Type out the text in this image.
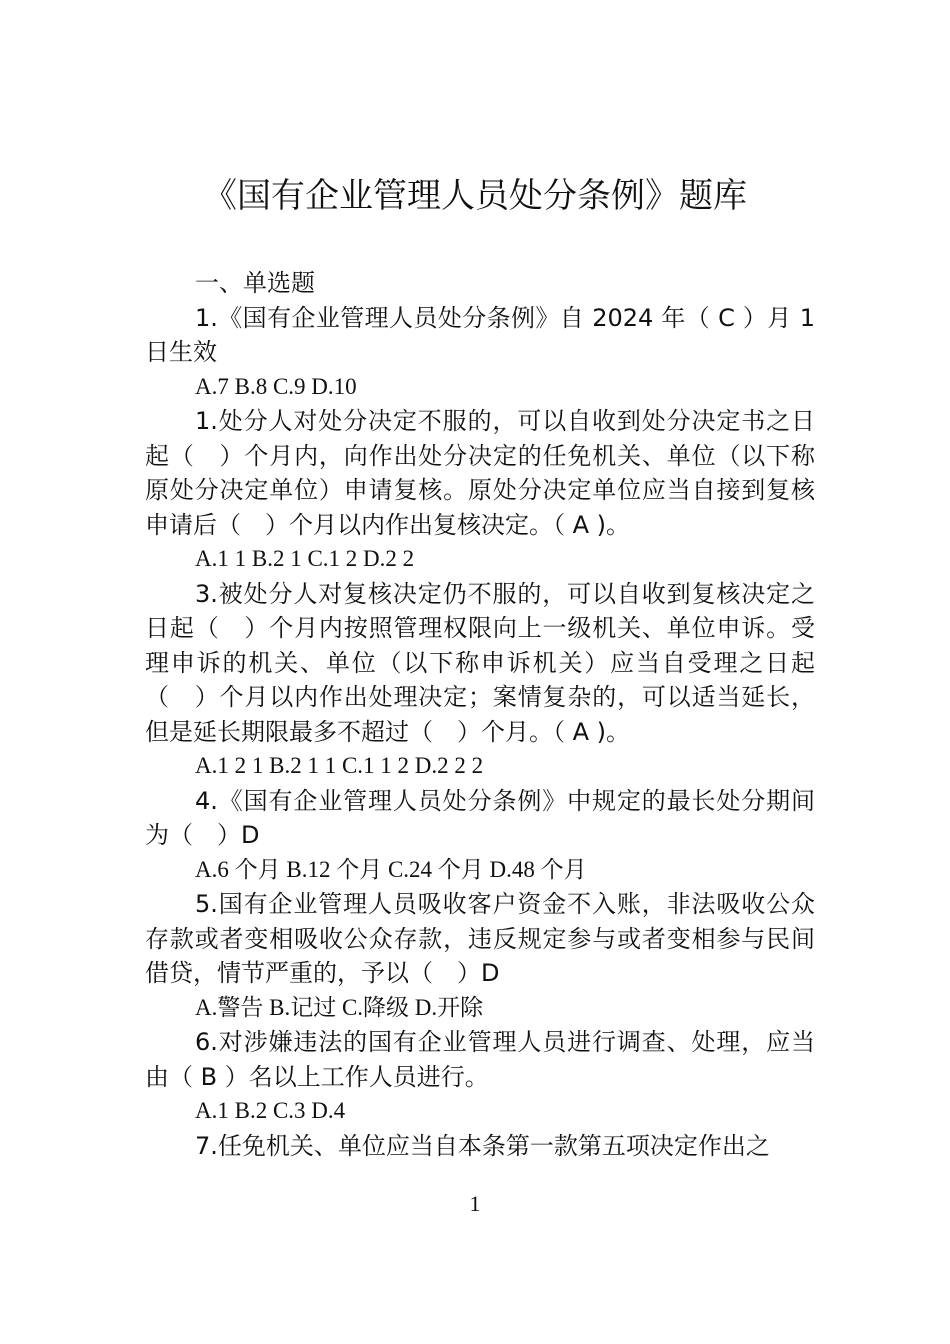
《国有企业管理人员处分条例》题库

一、单选题

1.《国有企业管理人员处分条例》自 2024 年（ C ）月 1 日生效

A.7 B.8 C.9 D.10

1.处分人对处分决定不服的，可以自收到处分决定书之日起（　）个月内，向作出处分决定的任免机关、单位（以下称原处分决定单位）申请复核。原处分决定单位应当自接到复核申请后（　）个月以内作出复核决定。（ A )。

A.1 1 B.2 1 C.1 2 D.2 2

3.被处分人对复核决定仍不服的，可以自收到复核决定之日起（　）个月内按照管理权限向上一级机关、单位申诉。受理申诉的机关、单位（以下称申诉机关）应当自受理之日起（　）个月以内作出处理决定；案情复杂的，可以适当延长，但是延长期限最多不超过（　）个月。（ A )。

A.1 2 1 B.2 1 1 C.1 1 2 D.2 2 2

4.《国有企业管理人员处分条例》中规定的最长处分期间为（　）D

A.6 个月 B.12 个月 C.24 个月 D.48 个月

5.国有企业管理人员吸收客户资金不入账，非法吸收公众存款或者变相吸收公众存款，违反规定参与或者变相参与民间借贷，情节严重的，予以（　）D

A.警告 B.记过 C.降级 D.开除

6.对涉嫌违法的国有企业管理人员进行调查、处理，应当由（ B ）名以上工作人员进行。

A.1 B.2 C.3 D.4

7.任免机关、单位应当自本条第一款第五项决定作出之

1
